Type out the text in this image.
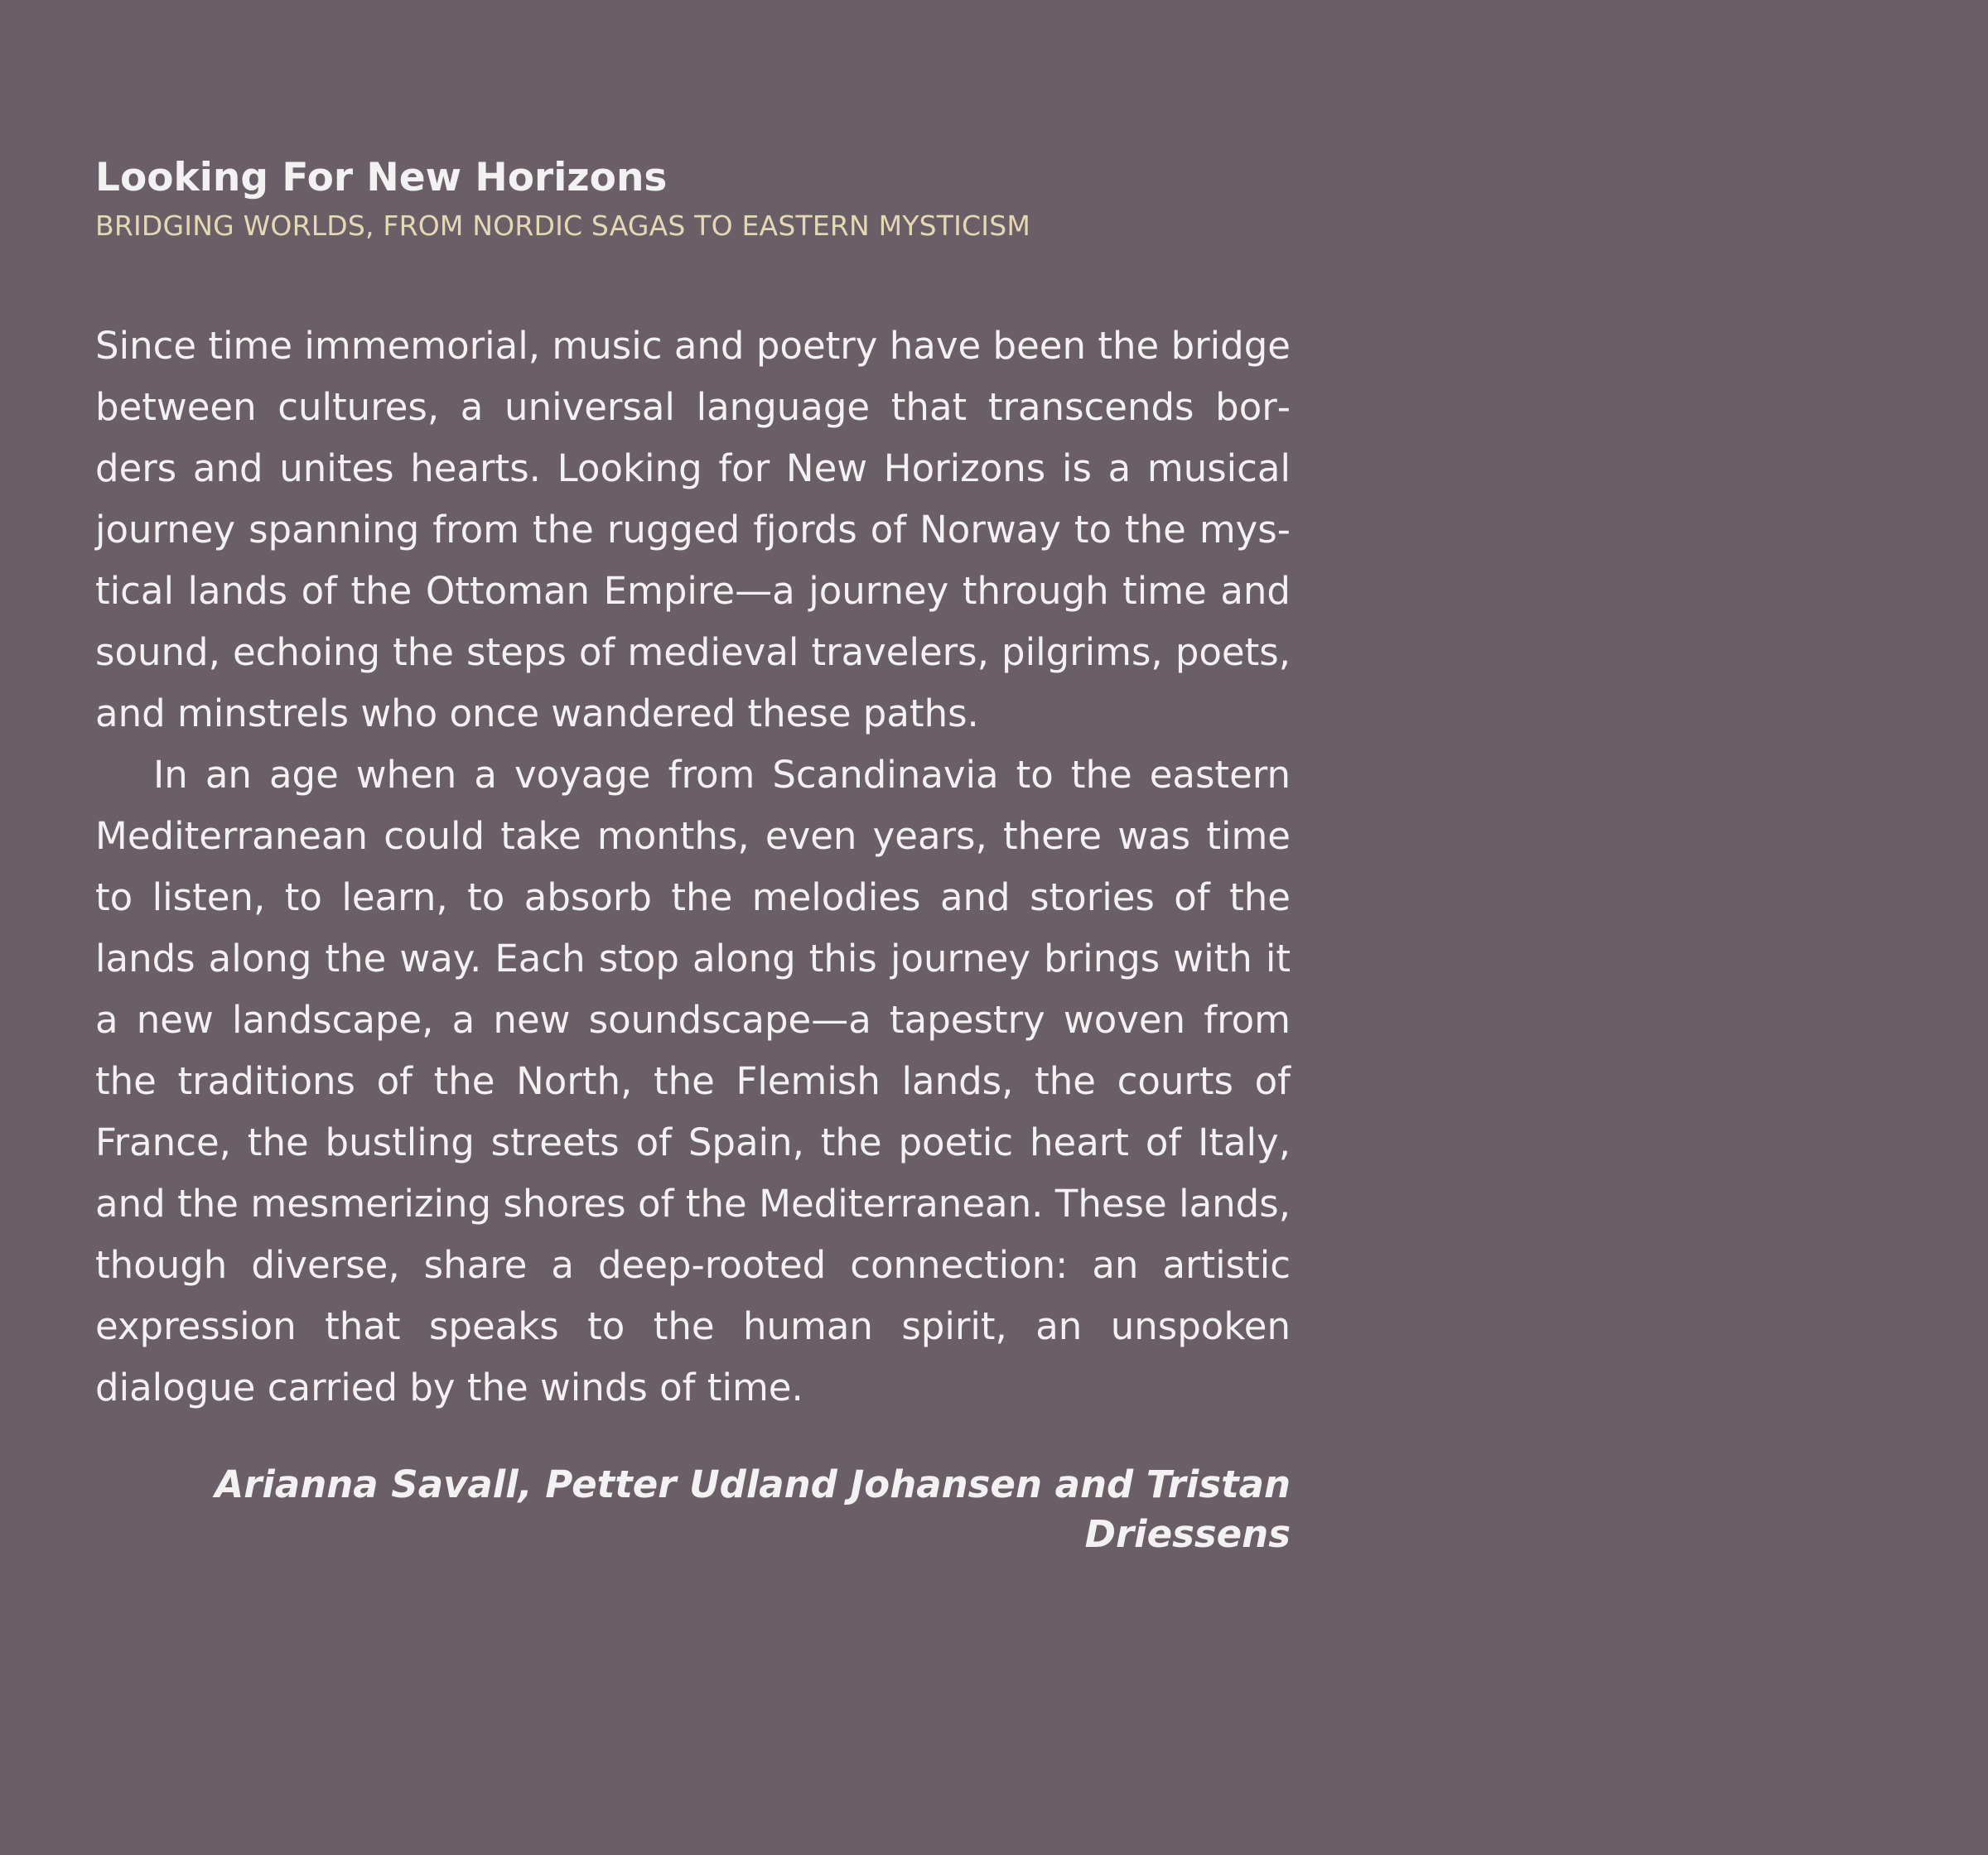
Looking For New Horizons
BRIDGING WORLDS, FROM NORDIC SAGAS TO EASTERN MYSTICISM

Since time immemorial, music and poetry have been the bridge between cultures, a universal language that transcends borders and unites hearts. Looking for New Horizons is a musical journey spanning from the rugged fjords of Norway to the mystical lands of the Ottoman Empire—a journey through time and sound, echoing the steps of medieval travelers, pilgrims, poets, and minstrels who once wandered these paths.

In an age when a voyage from Scandinavia to the eastern Mediterranean could take months, even years, there was time to listen, to learn, to absorb the melodies and stories of the lands along the way. Each stop along this journey brings with it a new landscape, a new soundscape—a tapestry woven from the traditions of the North, the Flemish lands, the courts of France, the bustling streets of Spain, the poetic heart of Italy, and the mesmerizing shores of the Mediterranean. These lands, though diverse, share a deep-rooted connection: an artistic expression that speaks to the human spirit, an unspoken dialogue carried by the winds of time.

Arianna Savall, Petter Udland Johansen and Tristan Driessens
